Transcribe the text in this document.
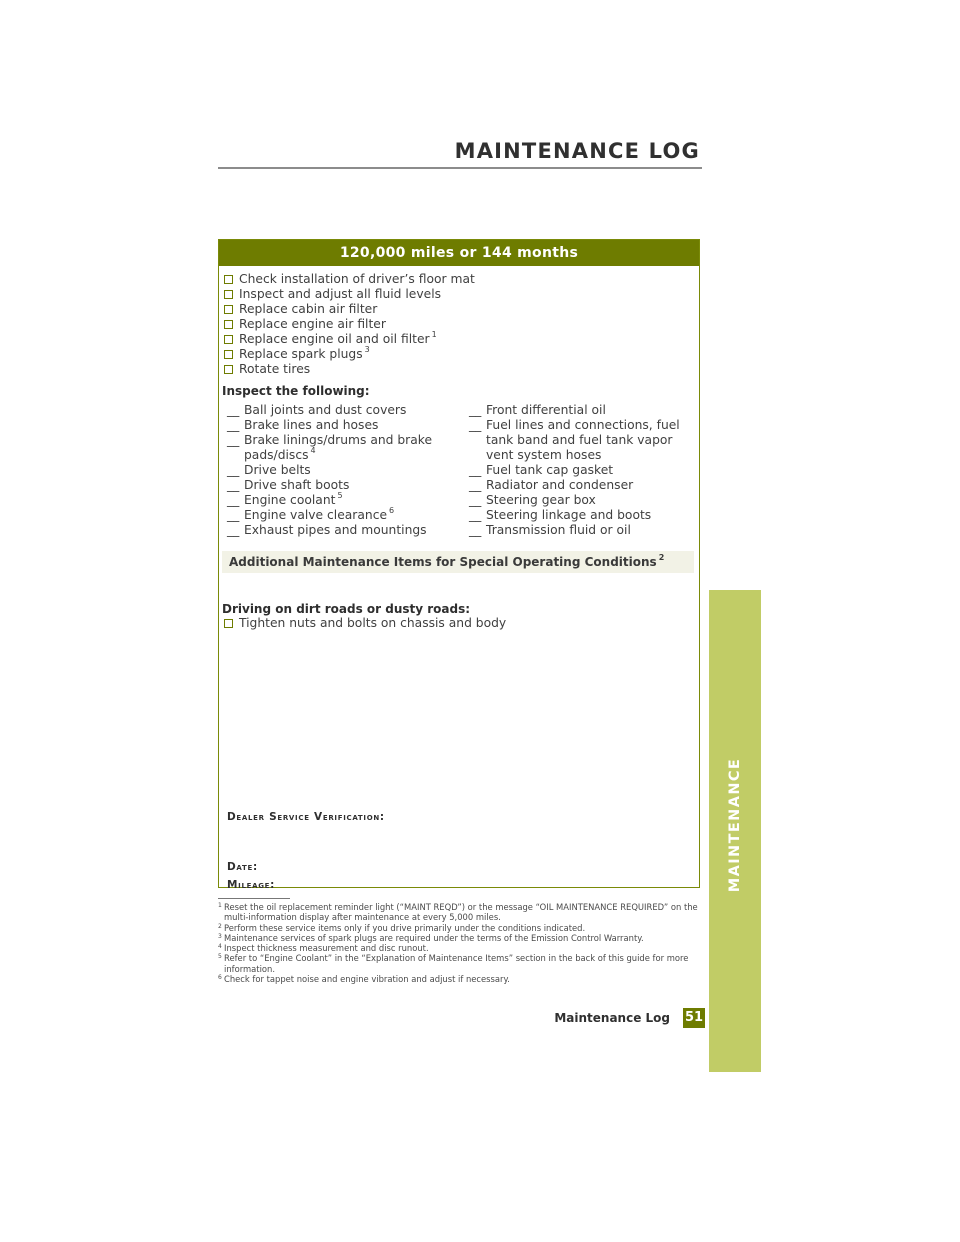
MAINTENANCE LOG
120,000 miles or 144 months
Check installation of driver’s floor mat
Inspect and adjust all fluid levels
Replace cabin air filter
Replace engine air filter
Replace engine oil and oil filter $^1$
Replace spark plugs $^3$
Rotate tires

Inspect the following:

__ Ball joints and dust covers
__ Brake lines and hoses
__ Brake linings/drums and brake pads/discs $^4$
__ Drive belts
__ Drive shaft boots
__ Engine coolant $^5$
__ Engine valve clearance $^6$
__ Exhaust pipes and mountings
__ Front differential oil
__ Fuel lines and connections, fuel tank band and fuel tank vapor vent system hoses
__ Fuel tank cap gasket
__ Radiator and condenser
__ Steering gear box
__ Steering linkage and boots
__ Transmission fluid or oil
Additional Maintenance Items for Special Operating Conditions $^2$

Driving on dirt roads or dusty roads:

Tighten nuts and bolts on chassis and body
Dealer Service Verification:
Date:
Mileage:
1 Reset the oil replacement reminder light (“MAINT REQD”) or the message “OIL MAINTENANCE REQUIRED” on the multi-information display after maintenance at every 5,000 miles.
2 Perform these service items only if you drive primarily under the conditions indicated.
3 Maintenance services of spark plugs are required under the terms of the Emission Control Warranty.
4 Inspect thickness measurement and disc runout.
5 Refer to “Engine Coolant” in the “Explanation of Maintenance Items” section in the back of this guide for more information.
6 Check for tappet noise and engine vibration and adjust if necessary.
Maintenance Log 51
MAINTENANCE
